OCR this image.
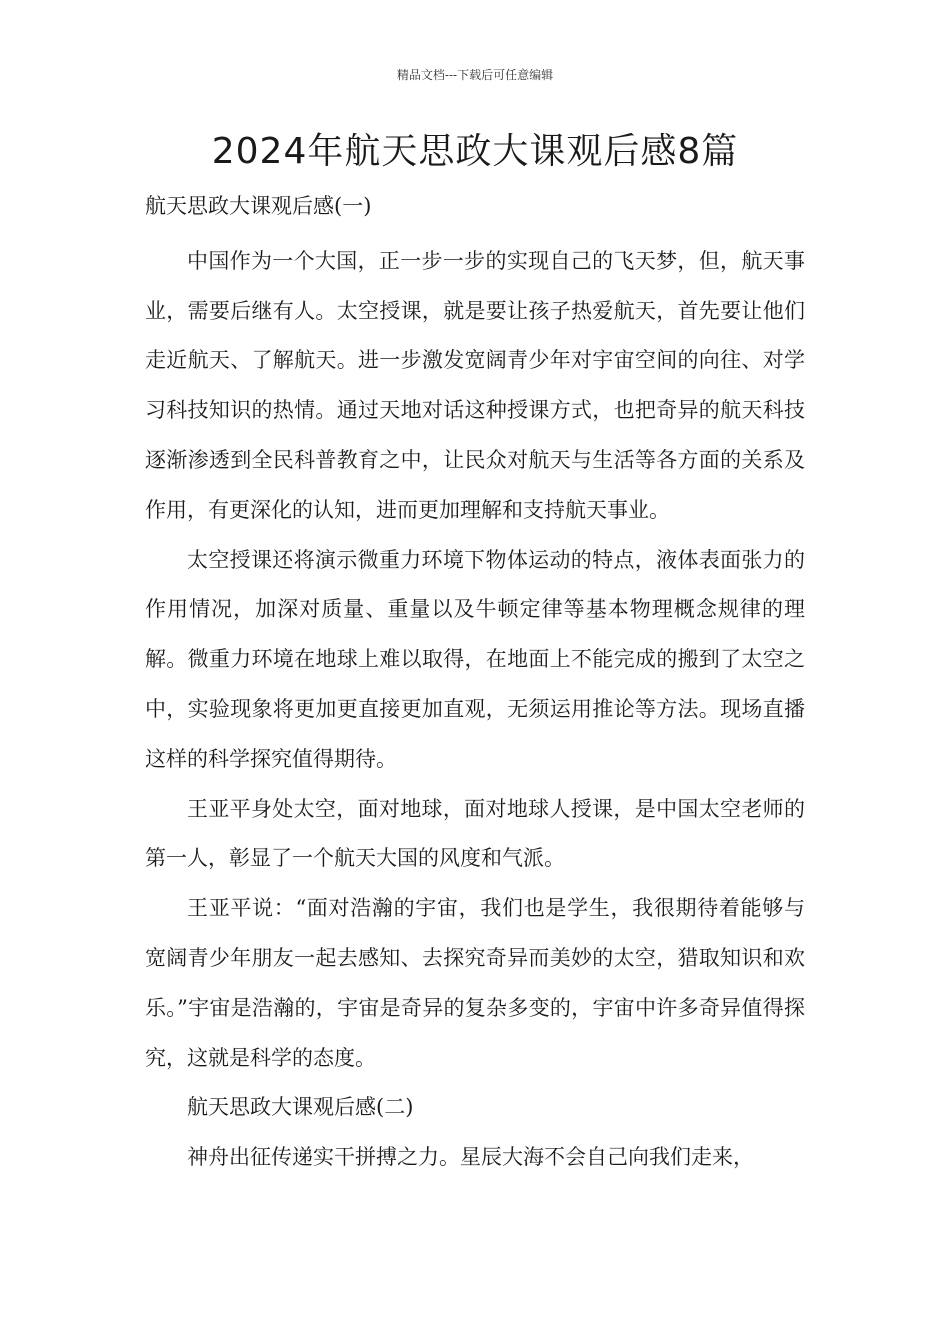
精品文档---下载后可任意编辑
2024年航天思政大课观后感8篇

航天思政大课观后感(一)

中国作为一个大国，正一步一步的实现自己的飞天梦，但，航天事业，需要后继有人。太空授课，就是要让孩子热爱航天，首先要让他们走近航天、了解航天。进一步激发宽阔青少年对宇宙空间的向往、对学习科技知识的热情。通过天地对话这种授课方式，也把奇异的航天科技逐渐渗透到全民科普教育之中，让民众对航天与生活等各方面的关系及作用，有更深化的认知，进而更加理解和支持航天事业。

太空授课还将演示微重力环境下物体运动的特点，液体表面张力的作用情况，加深对质量、重量以及牛顿定律等基本物理概念规律的理解。微重力环境在地球上难以取得，在地面上不能完成的搬到了太空之中，实验现象将更加更直接更加直观，无须运用推论等方法。现场直播这样的科学探究值得期待。

王亚平身处太空，面对地球，面对地球人授课，是中国太空老师的第一人，彰显了一个航天大国的风度和气派。

王亚平说：“面对浩瀚的宇宙，我们也是学生，我很期待着能够与宽阔青少年朋友一起去感知、去探究奇异而美妙的太空，猎取知识和欢乐。”宇宙是浩瀚的，宇宙是奇异的复杂多变的，宇宙中许多奇异值得探究，这就是科学的态度。

航天思政大课观后感(二)

神舟出征传递实干拼搏之力。星辰大海不会自己向我们走来，
